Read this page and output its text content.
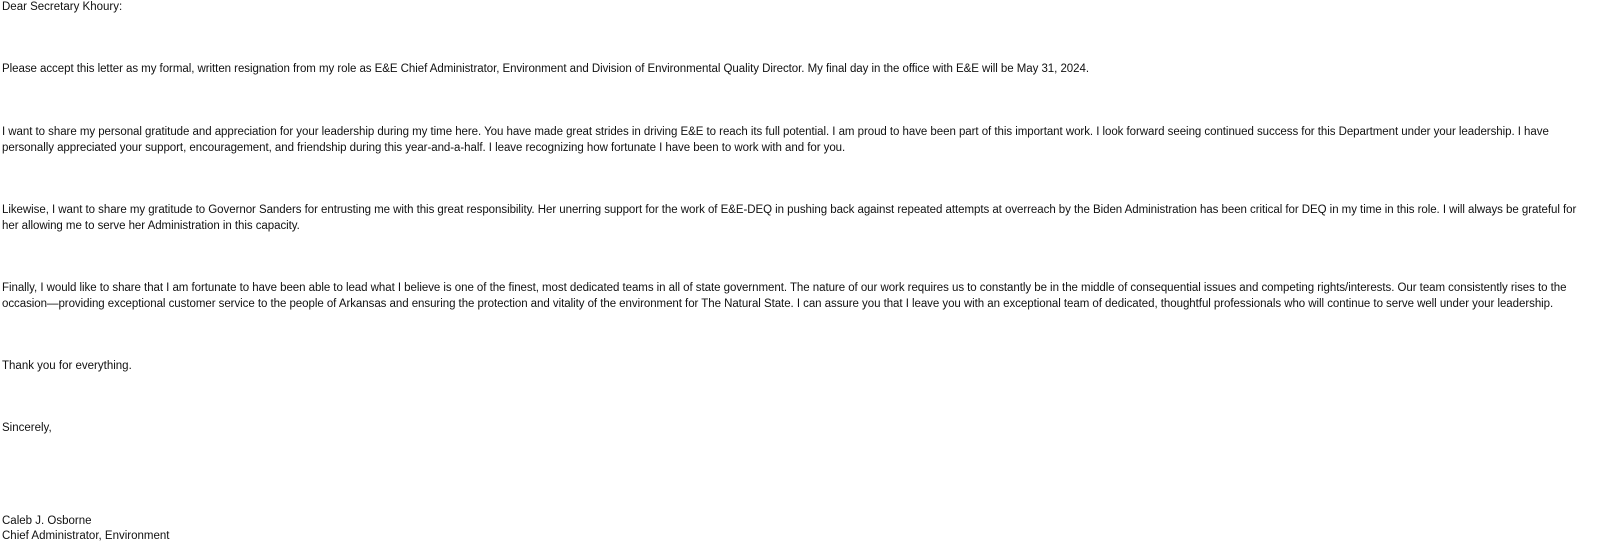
Dear Secretary Khoury:
Please accept this letter as my formal, written resignation from my role as E&E Chief Administrator, Environment and Division of Environmental Quality Director. My final day in the office with E&E will be May 31, 2024.
I want to share my personal gratitude and appreciation for your leadership during my time here. You have made great strides in driving E&E to reach its full potential. I am proud to have been part of this important work. I look forward seeing continued success for this Department under your leadership. I have personally appreciated your support, encouragement, and friendship during this year-and-a-half. I leave recognizing how fortunate I have been to work with and for you.
Likewise, I want to share my gratitude to Governor Sanders for entrusting me with this great responsibility. Her unerring support for the work of E&E-DEQ in pushing back against repeated attempts at overreach by the Biden Administration has been critical for DEQ in my time in this role. I will always be grateful for her allowing me to serve her Administration in this capacity.
Finally, I would like to share that I am fortunate to have been able to lead what I believe is one of the finest, most dedicated teams in all of state government. The nature of our work requires us to constantly be in the middle of consequential issues and competing rights/interests. Our team consistently rises to the occasion—providing exceptional customer service to the people of Arkansas and ensuring the protection and vitality of the environment for The Natural State. I can assure you that I leave you with an exceptional team of dedicated, thoughtful professionals who will continue to serve well under your leadership.
Thank you for everything.
Sincerely,
Caleb J. Osborne
Chief Administrator, Environment
